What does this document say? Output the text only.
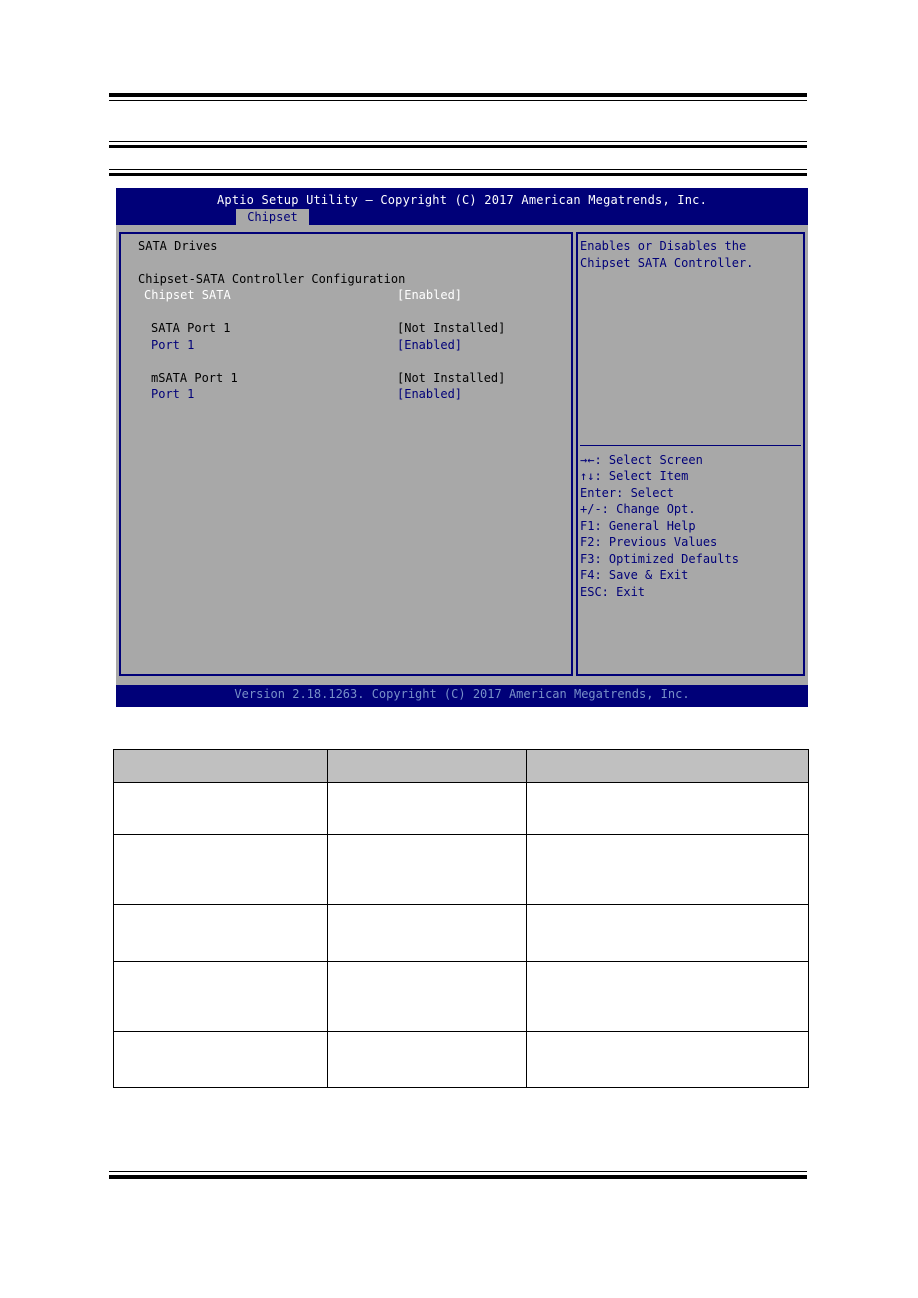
Aptio Setup Utility – Copyright (C) 2017 American Megatrends, Inc.
Chipset
SATA Drives
Chipset-SATA Controller Configuration
Chipset SATA	[Enabled]
SATA Port 1	[Not Installed]
Port 1	[Enabled]
mSATA Port 1	[Not Installed]
Port 1	[Enabled]
Enables or Disables the
Chipset SATA Controller.
→←: Select Screen
↑↓: Select Item
Enter: Select
+/-: Change Opt.
F1: General Help
F2: Previous Values
F3: Optimized Defaults
F4: Save & Exit
ESC: Exit
Version 2.18.1263. Copyright (C) 2017 American Megatrends, Inc.
